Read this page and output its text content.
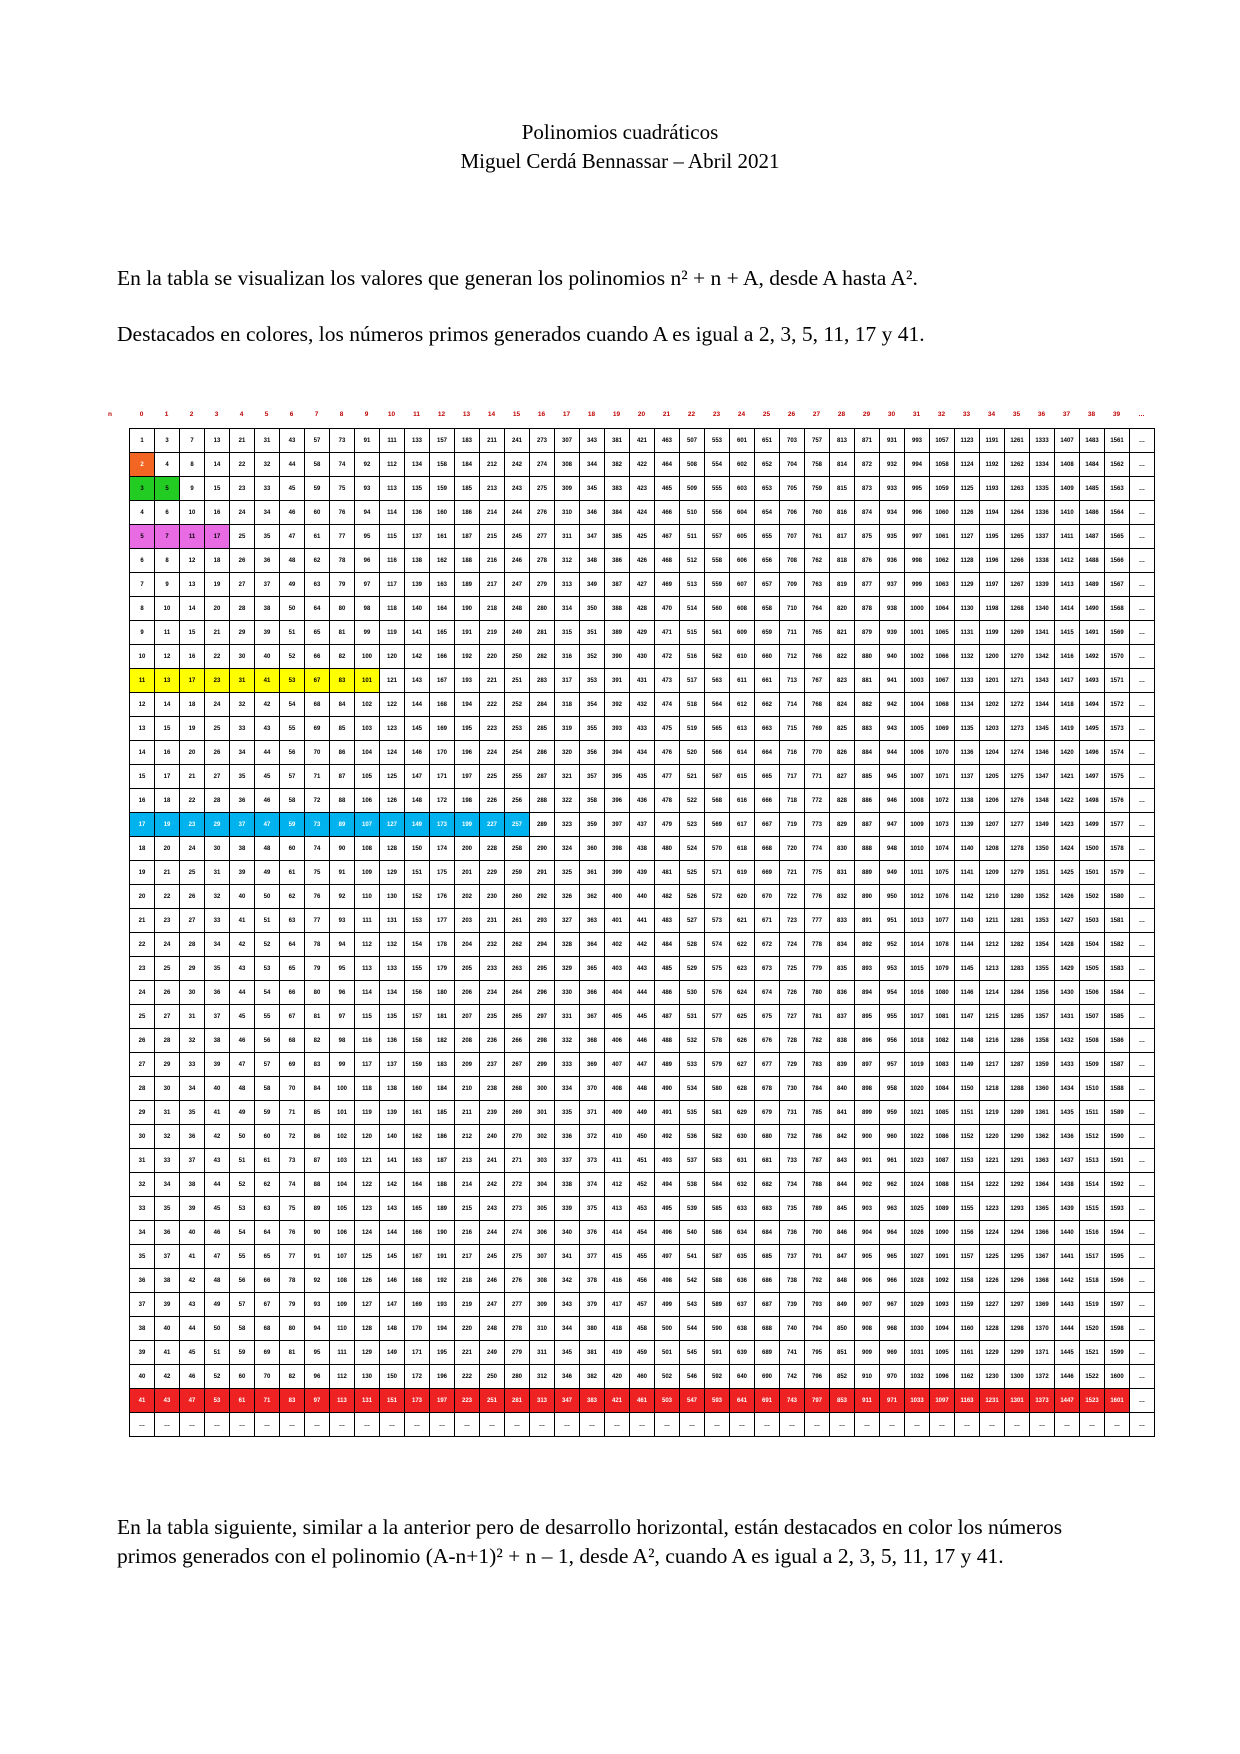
Polinomios cuadráticos
Miguel Cerdá Bennassar – Abril 2021
En la tabla se visualizan los valores que generan los polinomios n² + n + A, desde A hasta A².
Destacados en colores, los números primos generados cuando A es igual a 2, 3, 5, 11, 17 y 41.
n	0	1	2	3	4	5	6	7	8	9	10	11	12	13	14	15	16	17	18	19	20	21	22	23	24	25	26	27	28	29	30	31	32	33	34	35	36	37	38	39	…
1	3	7	13	21	31	43	57	73	91	111	133	157	183	211	241	273	307	343	381	421	463	507	553	601	651	703	757	813	871	931	993	1057	1123	1191	1261	1333	1407	1483	1561	…
2	4	8	14	22	32	44	58	74	92	112	134	158	184	212	242	274	308	344	382	422	464	508	554	602	652	704	758	814	872	932	994	1058	1124	1192	1262	1334	1408	1484	1562	…
3	5	9	15	23	33	45	59	75	93	113	135	159	185	213	243	275	309	345	383	423	465	509	555	603	653	705	759	815	873	933	995	1059	1125	1193	1263	1335	1409	1485	1563	…
4	6	10	16	24	34	46	60	76	94	114	136	160	186	214	244	276	310	346	384	424	466	510	556	604	654	706	760	816	874	934	996	1060	1126	1194	1264	1336	1410	1486	1564	…
5	7	11	17	25	35	47	61	77	95	115	137	161	187	215	245	277	311	347	385	425	467	511	557	605	655	707	761	817	875	935	997	1061	1127	1195	1265	1337	1411	1487	1565	…
6	8	12	18	26	36	48	62	78	96	116	138	162	188	216	246	278	312	348	386	426	468	512	558	606	656	708	762	818	876	936	998	1062	1128	1196	1266	1338	1412	1488	1566	…
7	9	13	19	27	37	49	63	79	97	117	139	163	189	217	247	279	313	349	387	427	469	513	559	607	657	709	763	819	877	937	999	1063	1129	1197	1267	1339	1413	1489	1567	…
8	10	14	20	28	38	50	64	80	98	118	140	164	190	218	248	280	314	350	388	428	470	514	560	608	658	710	764	820	878	938	1000	1064	1130	1198	1268	1340	1414	1490	1568	…
9	11	15	21	29	39	51	65	81	99	119	141	165	191	219	249	281	315	351	389	429	471	515	561	609	659	711	765	821	879	939	1001	1065	1131	1199	1269	1341	1415	1491	1569	…
10	12	16	22	30	40	52	66	82	100	120	142	166	192	220	250	282	316	352	390	430	472	516	562	610	660	712	766	822	880	940	1002	1066	1132	1200	1270	1342	1416	1492	1570	…
11	13	17	23	31	41	53	67	83	101	121	143	167	193	221	251	283	317	353	391	431	473	517	563	611	661	713	767	823	881	941	1003	1067	1133	1201	1271	1343	1417	1493	1571	…
12	14	18	24	32	42	54	68	84	102	122	144	168	194	222	252	284	318	354	392	432	474	518	564	612	662	714	768	824	882	942	1004	1068	1134	1202	1272	1344	1418	1494	1572	…
13	15	19	25	33	43	55	69	85	103	123	145	169	195	223	253	285	319	355	393	433	475	519	565	613	663	715	769	825	883	943	1005	1069	1135	1203	1273	1345	1419	1495	1573	…
14	16	20	26	34	44	56	70	86	104	124	146	170	196	224	254	286	320	356	394	434	476	520	566	614	664	716	770	826	884	944	1006	1070	1136	1204	1274	1346	1420	1496	1574	…
15	17	21	27	35	45	57	71	87	105	125	147	171	197	225	255	287	321	357	395	435	477	521	567	615	665	717	771	827	885	945	1007	1071	1137	1205	1275	1347	1421	1497	1575	…
16	18	22	28	36	46	58	72	88	106	126	148	172	198	226	256	288	322	358	396	436	478	522	568	616	666	718	772	828	886	946	1008	1072	1138	1206	1276	1348	1422	1498	1576	…
17	19	23	29	37	47	59	73	89	107	127	149	173	199	227	257	289	323	359	397	437	479	523	569	617	667	719	773	829	887	947	1009	1073	1139	1207	1277	1349	1423	1499	1577	…
18	20	24	30	38	48	60	74	90	108	128	150	174	200	228	258	290	324	360	398	438	480	524	570	618	668	720	774	830	888	948	1010	1074	1140	1208	1278	1350	1424	1500	1578	…
19	21	25	31	39	49	61	75	91	109	129	151	175	201	229	259	291	325	361	399	439	481	525	571	619	669	721	775	831	889	949	1011	1075	1141	1209	1279	1351	1425	1501	1579	…
20	22	26	32	40	50	62	76	92	110	130	152	176	202	230	260	292	326	362	400	440	482	526	572	620	670	722	776	832	890	950	1012	1076	1142	1210	1280	1352	1426	1502	1580	…
21	23	27	33	41	51	63	77	93	111	131	153	177	203	231	261	293	327	363	401	441	483	527	573	621	671	723	777	833	891	951	1013	1077	1143	1211	1281	1353	1427	1503	1581	…
22	24	28	34	42	52	64	78	94	112	132	154	178	204	232	262	294	328	364	402	442	484	528	574	622	672	724	778	834	892	952	1014	1078	1144	1212	1282	1354	1428	1504	1582	…
23	25	29	35	43	53	65	79	95	113	133	155	179	205	233	263	295	329	365	403	443	485	529	575	623	673	725	779	835	893	953	1015	1079	1145	1213	1283	1355	1429	1505	1583	…
24	26	30	36	44	54	66	80	96	114	134	156	180	206	234	264	296	330	366	404	444	486	530	576	624	674	726	780	836	894	954	1016	1080	1146	1214	1284	1356	1430	1506	1584	…
25	27	31	37	45	55	67	81	97	115	135	157	181	207	235	265	297	331	367	405	445	487	531	577	625	675	727	781	837	895	955	1017	1081	1147	1215	1285	1357	1431	1507	1585	…
26	28	32	38	46	56	68	82	98	116	136	158	182	208	236	266	298	332	368	406	446	488	532	578	626	676	728	782	838	896	956	1018	1082	1148	1216	1286	1358	1432	1508	1586	…
27	29	33	39	47	57	69	83	99	117	137	159	183	209	237	267	299	333	369	407	447	489	533	579	627	677	729	783	839	897	957	1019	1083	1149	1217	1287	1359	1433	1509	1587	…
28	30	34	40	48	58	70	84	100	118	138	160	184	210	238	268	300	334	370	408	448	490	534	580	628	678	730	784	840	898	958	1020	1084	1150	1218	1288	1360	1434	1510	1588	…
29	31	35	41	49	59	71	85	101	119	139	161	185	211	239	269	301	335	371	409	449	491	535	581	629	679	731	785	841	899	959	1021	1085	1151	1219	1289	1361	1435	1511	1589	…
30	32	36	42	50	60	72	86	102	120	140	162	186	212	240	270	302	336	372	410	450	492	536	582	630	680	732	786	842	900	960	1022	1086	1152	1220	1290	1362	1436	1512	1590	…
31	33	37	43	51	61	73	87	103	121	141	163	187	213	241	271	303	337	373	411	451	493	537	583	631	681	733	787	843	901	961	1023	1087	1153	1221	1291	1363	1437	1513	1591	…
32	34	38	44	52	62	74	88	104	122	142	164	188	214	242	272	304	338	374	412	452	494	538	584	632	682	734	788	844	902	962	1024	1088	1154	1222	1292	1364	1438	1514	1592	…
33	35	39	45	53	63	75	89	105	123	143	165	189	215	243	273	305	339	375	413	453	495	539	585	633	683	735	789	845	903	963	1025	1089	1155	1223	1293	1365	1439	1515	1593	…
34	36	40	46	54	64	76	90	106	124	144	166	190	216	244	274	306	340	376	414	454	496	540	586	634	684	736	790	846	904	964	1026	1090	1156	1224	1294	1366	1440	1516	1594	…
35	37	41	47	55	65	77	91	107	125	145	167	191	217	245	275	307	341	377	415	455	497	541	587	635	685	737	791	847	905	965	1027	1091	1157	1225	1295	1367	1441	1517	1595	…
36	38	42	48	56	66	78	92	108	126	146	168	192	218	246	276	308	342	378	416	456	498	542	588	636	686	738	792	848	906	966	1028	1092	1158	1226	1296	1368	1442	1518	1596	…
37	39	43	49	57	67	79	93	109	127	147	169	193	219	247	277	309	343	379	417	457	499	543	589	637	687	739	793	849	907	967	1029	1093	1159	1227	1297	1369	1443	1519	1597	…
38	40	44	50	58	68	80	94	110	128	148	170	194	220	248	278	310	344	380	418	458	500	544	590	638	688	740	794	850	908	968	1030	1094	1160	1228	1298	1370	1444	1520	1598	…
39	41	45	51	59	69	81	95	111	129	149	171	195	221	249	279	311	345	381	419	459	501	545	591	639	689	741	795	851	909	969	1031	1095	1161	1229	1299	1371	1445	1521	1599	…
40	42	46	52	60	70	82	96	112	130	150	172	196	222	250	280	312	346	382	420	460	502	546	592	640	690	742	796	852	910	970	1032	1096	1162	1230	1300	1372	1446	1522	1600	…
41	43	47	53	61	71	83	97	113	131	151	173	197	223	251	281	313	347	383	421	461	503	547	593	641	691	743	797	853	911	971	1033	1097	1163	1231	1301	1373	1447	1523	1601	…
…	…	…	…	…	…	…	…	…	…	…	…	…	…	…	…	…	…	…	…	…	…	…	…	…	…	…	…	…	…	…	…	…	…	…	…	…	…	…	…	…
En la tabla siguiente, similar a la anterior pero de desarrollo horizontal, están destacados en color los números primos generados con el polinomio (A-n+1)² + n – 1, desde A², cuando A es igual a 2, 3, 5, 11, 17 y 41.
